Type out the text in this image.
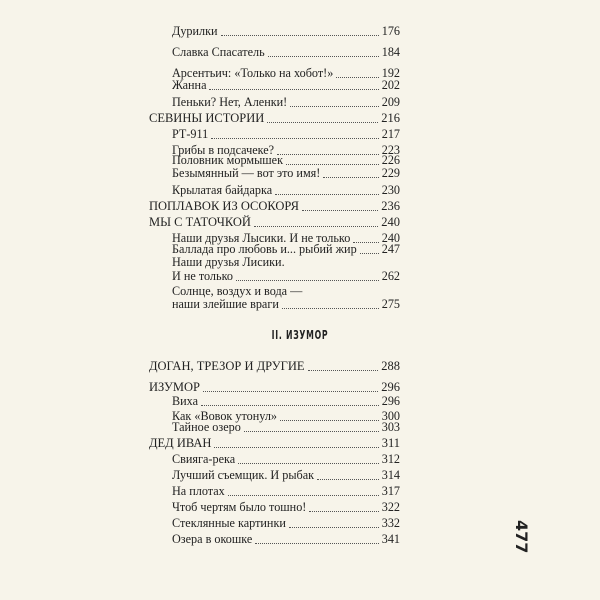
Дурилки	176
Славка Спасатель	184
Арсентьич: «Только на хобот!»	192
Жанна	202
Пеньки? Нет, Аленки!	209
СЕВИНЫ ИСТОРИИ	216
РТ-911	217
Грибы в подсачеке?	223
Половник мормышек	226
Безымянный — вот это имя!	229
Крылатая байдарка	230
ПОПЛАВОК ИЗ ОСОКОРЯ	236
МЫ С ТАТОЧКОЙ	240
Наши друзья Лысики. И не только	240
Баллада про любовь и... рыбий жир 247
Наши друзья Лисики.
И не только	262
Солнце, воздух и вода —
наши злейшие враги	275
II. ИЗУМОР
ДОГАН, ТРЕЗОР И ДРУГИЕ	288
ИЗУМОР	296
Виха	296
Как «Вовок утонул»	300
Тайное озеро	303
ДЕД ИВАН	311
Свияга-река	312
Лучший съемщик. И рыбак	314
На плотах	317
Чтоб чертям было тошно!	322
Стеклянные картинки	332
Озера в окошке	341	477
